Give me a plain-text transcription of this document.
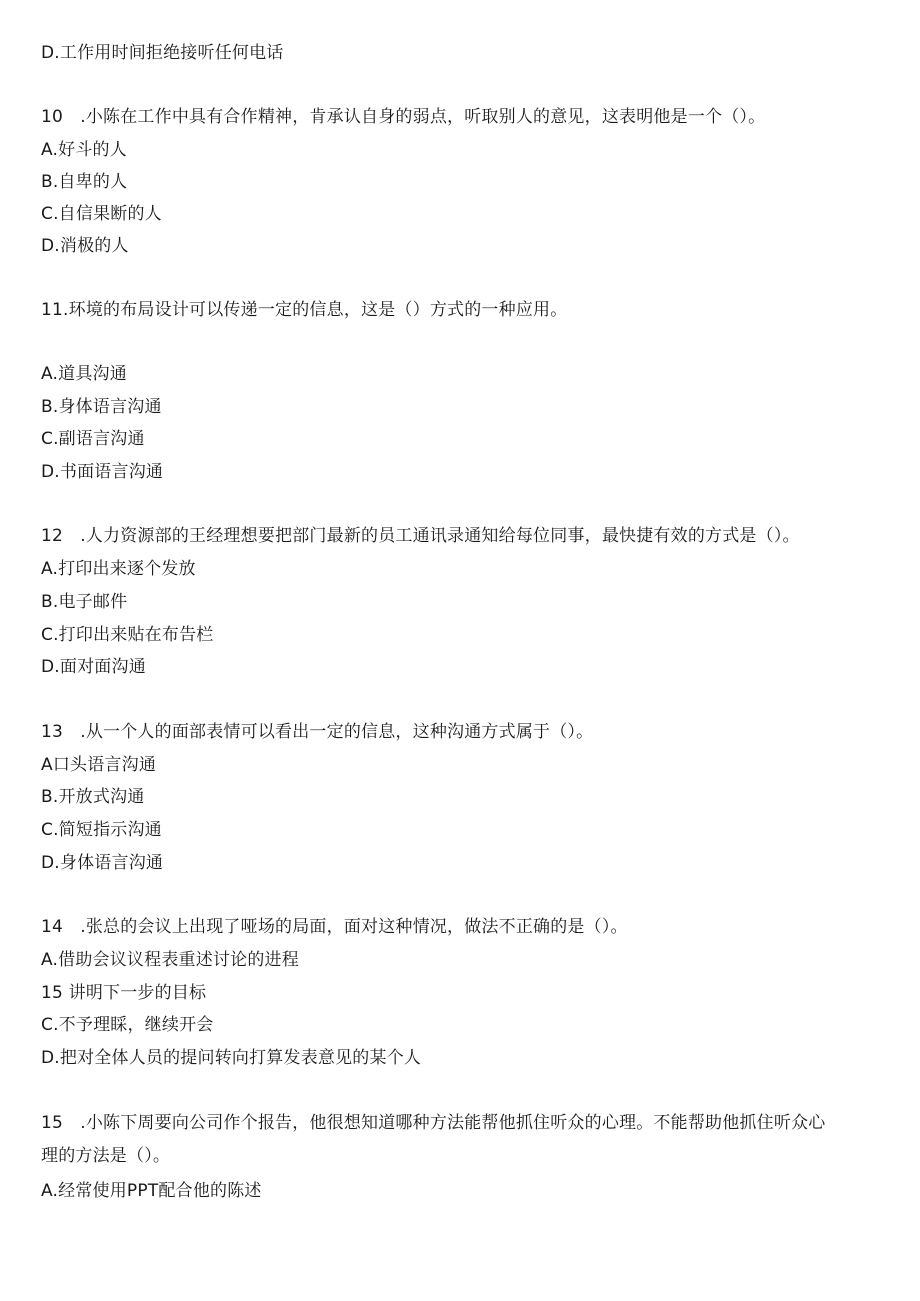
D.工作用时间拒绝接听任何电话
10　.小陈在工作中具有合作精神，肯承认自身的弱点，听取别人的意见，这表明他是一个（）。
A.好斗的人
B.自卑的人
C.自信果断的人
D.消极的人
11.环境的布局设计可以传递一定的信息，这是（）方式的一种应用。
A.道具沟通
B.身体语言沟通
C.副语言沟通
D.书面语言沟通
12　.人力资源部的王经理想要把部门最新的员工通讯录通知给每位同事，最快捷有效的方式是（）。
A.打印出来逐个发放
B.电子邮件
C.打印出来贴在布告栏
D.面对面沟通
13　.从一个人的面部表情可以看出一定的信息，这种沟通方式属于（）。
A口头语言沟通
B.开放式沟通
C.简短指示沟通
D.身体语言沟通
14　.张总的会议上出现了哑场的局面，面对这种情况，做法不正确的是（）。
A.借助会议议程表重述讨论的进程
15 讲明下一步的目标
C.不予理睬，继续开会
D.把对全体人员的提问转向打算发表意见的某个人
15　.小陈下周要向公司作个报告，他很想知道哪种方法能帮他抓住听众的心理。不能帮助他抓住听众心
理的方法是（）。
A.经常使用PPT配合他的陈述
